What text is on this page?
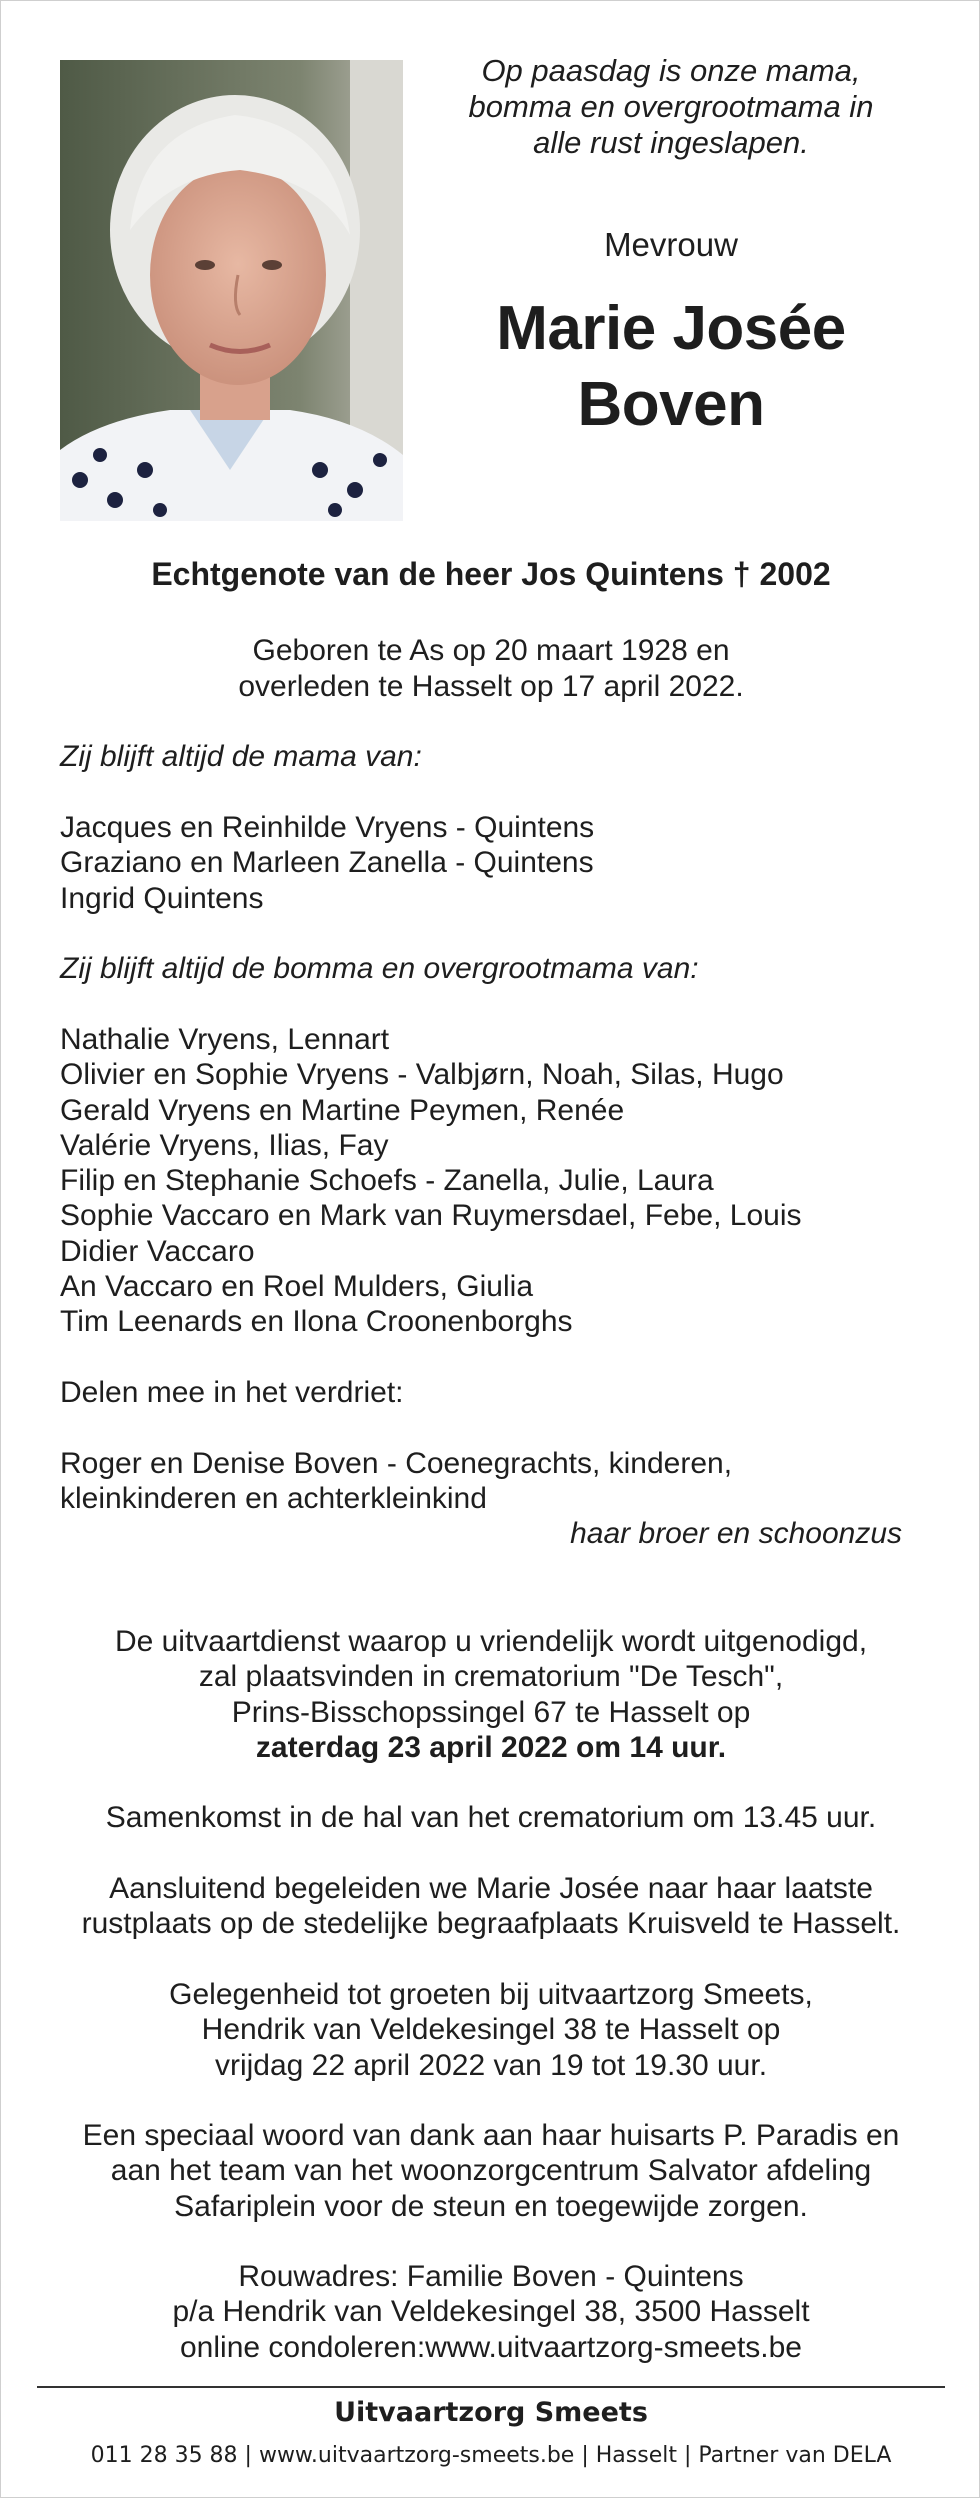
Op paasdag is onze mama,
bomma en overgrootmama in
alle rust ingeslapen.
Mevrouw
Marie Josée
Boven
Echtgenote van de heer Jos Quintens † 2002
Geboren te As op 20 maart 1928 en
overleden te Hasselt op 17 april 2022.
Zij blijft altijd de mama van:
Jacques en Reinhilde Vryens - Quintens
Graziano en Marleen Zanella - Quintens
Ingrid Quintens
Zij blijft altijd de bomma en overgrootmama van:
Nathalie Vryens, Lennart
Olivier en Sophie Vryens - Valbjørn, Noah, Silas, Hugo
Gerald Vryens en Martine Peymen, Renée
Valérie Vryens, Ilias, Fay
Filip en Stephanie Schoefs - Zanella, Julie, Laura
Sophie Vaccaro en Mark van Ruymersdael, Febe, Louis
Didier Vaccaro
An Vaccaro en Roel Mulders, Giulia
Tim Leenards en Ilona Croonenborghs
Delen mee in het verdriet:
Roger en Denise Boven - Coenegrachts, kinderen,
kleinkinderen en achterkleinkind
haar broer en schoonzus
De uitvaartdienst waarop u vriendelijk wordt uitgenodigd,
zal plaatsvinden in crematorium "De Tesch",
Prins-Bisschopssingel 67 te Hasselt op
zaterdag 23 april 2022 om 14 uur.
Samenkomst in de hal van het crematorium om 13.45 uur.
Aansluitend begeleiden we Marie Josée naar haar laatste
rustplaats op de stedelijke begraafplaats Kruisveld te Hasselt.
Gelegenheid tot groeten bij uitvaartzorg Smeets,
Hendrik van Veldekesingel 38 te Hasselt op
vrijdag 22 april 2022 van 19 tot 19.30 uur.
Een speciaal woord van dank aan haar huisarts P. Paradis en
aan het team van het woonzorgcentrum Salvator afdeling
Safariplein voor de steun en toegewijde zorgen.
Rouwadres: Familie Boven - Quintens
p/a Hendrik van Veldekesingel 38, 3500 Hasselt
online condoleren:www.uitvaartzorg-smeets.be
Uitvaartzorg Smeets
011 28 35 88 | www.uitvaartzorg-smeets.be | Hasselt | Partner van DELA
